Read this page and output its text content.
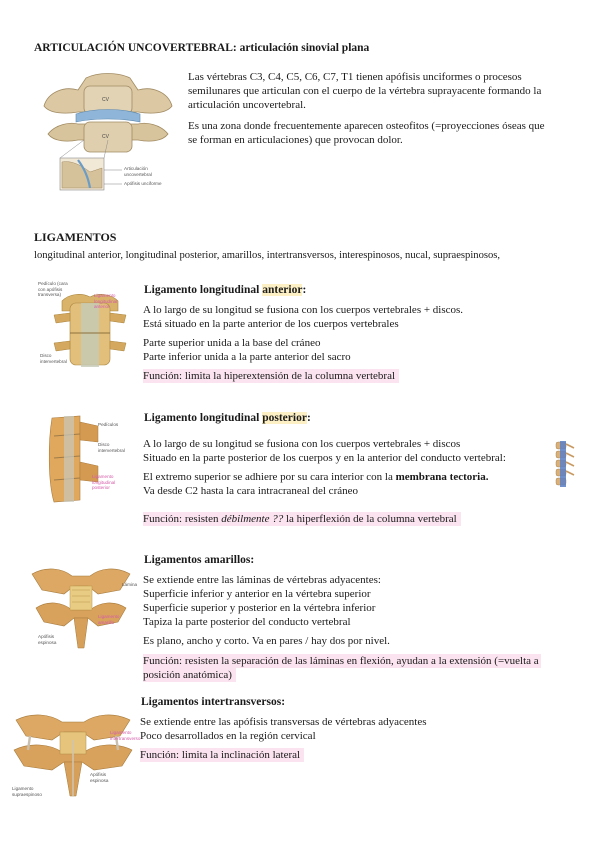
ARTICULACIÓN UNCOVERTEBRAL: articulación sinovial plana
CV
CV
Articulación
uncovertebral
Apófisis unciforme
Las vértebras C3, C4, C5, C6, C7, T1 tienen apófisis unciformes o procesos
semilunares que articulan con el cuerpo de la vértebra suprayacente formando la
articulación uncovertebral.
Es una zona donde frecuentemente aparecen osteofitos (=proyecciones óseas que
se forman en articulaciones) que provocan dolor.
LIGAMENTOS
longitudinal anterior, longitudinal posterior, amarillos, intertransversos, interespinosos, nucal, supraespinosos,
Pedículo (cara
con apófisis
transversa)	Ligamento
longitudinal
anterior
Disco
intervertebral
Ligamento longitudinal anterior:
A lo largo de su longitud se fusiona con los cuerpos vertebrales + discos.
Está situado en la parte anterior de los cuerpos vertebrales
Parte superior unida a la base del cráneo
Parte inferior unida a la parte anterior del sacro
Función: limita la hiperextensión de la columna vertebral
Pedículos
Disco
intervertebral
Ligamento
longitudinal
posterior
Ligamento longitudinal posterior:
A lo largo de su longitud se fusiona con los cuerpos vertebrales + discos
Situado en la parte posterior de los cuerpos y en la anterior del conducto vertebral:
El extremo superior se adhiere por su cara interior con la membrana tectoria.
Va desde C2 hasta la cara intracraneal del cráneo
Función: resisten débilmente ?? la hiperflexión de la columna vertebral
Lámina
Ligamento
amarillo
Apófisis
espinosa
Ligamentos amarillos:
Se extiende entre las láminas de vértebras adyacentes:
Superficie inferior y anterior en la vértebra superior
Superficie superior y posterior en la vértebra inferior
Tapiza la parte posterior del conducto vertebral
Es plano, ancho y corto. Va en pares / hay dos por nivel.
Función: resisten la separación de las láminas en flexión, ayudan a la extensión (=vuelta a
posición anatómica)
Ligamento
intertransverso
Apófisis
espinosa
Ligamento
supraespinoso
Ligamentos intertransversos:
Se extiende entre las apófisis transversas de vértebras adyacentes
Poco desarrollados en la región cervical
Función: limita la inclinación lateral
